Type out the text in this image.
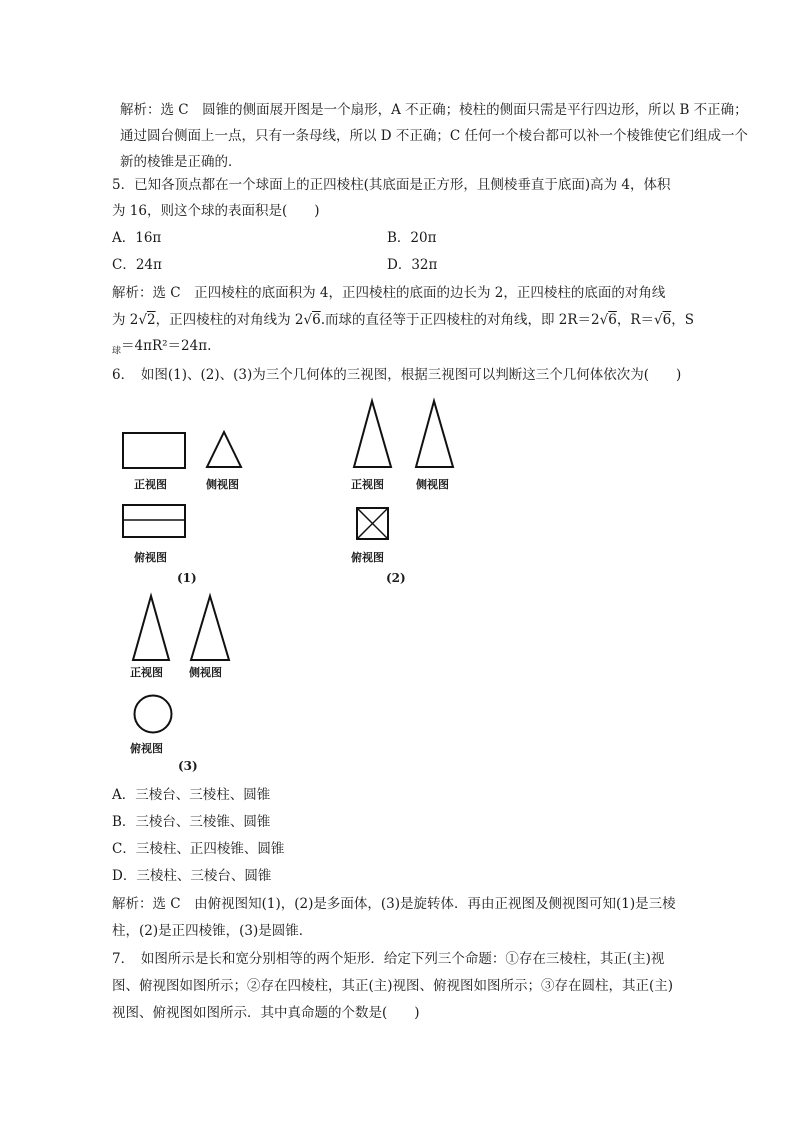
解析：选 C　圆锥的侧面展开图是一个扇形，A 不正确；棱柱的侧面只需是平行四边形，所以 B 不正确；
通过圆台侧面上一点，只有一条母线，所以 D 不正确；C 任何一个棱台都可以补一个棱锥使它们组成一个
新的棱锥是正确的．
5．已知各顶点都在一个球面上的正四棱柱(其底面是正方形，且侧棱垂直于底面)高为 4，体积
为 16，则这个球的表面积是(　　)
A．16π	B．20π
C．24π	D．32π
解析：选 C　正四棱柱的底面积为 4，正四棱柱的底面的边长为 2，正四棱柱的底面的对角线
为 2√2，正四棱柱的对角线为 2√6.而球的直径等于正四棱柱的对角线，即 2R＝2√6，R＝√6，S
$_球$＝4πR²＝24π.
6．　如图(1)、(2)、(3)为三个几何体的三视图，根据三视图可以判断这三个几何体依次为(　　)
正视图	侧视图
俯视图
(1)
正视图	侧视图
俯视图
(2)
正视图 侧视图
俯视图
(3)
A．三棱台、三棱柱、圆锥
B．三棱台、三棱锥、圆锥
C．三棱柱、正四棱锥、圆锥
D．三棱柱、三棱台、圆锥
解析：选 C　由俯视图知(1)，(2)是多面体，(3)是旋转体．再由正视图及侧视图可知(1)是三棱
柱，(2)是正四棱锥，(3)是圆锥．
7．　如图所示是长和宽分别相等的两个矩形．给定下列三个命题：①存在三棱柱，其正(主)视
图、俯视图如图所示；②存在四棱柱，其正(主)视图、俯视图如图所示；③存在圆柱，其正(主)
视图、俯视图如图所示．其中真命题的个数是(　　)
